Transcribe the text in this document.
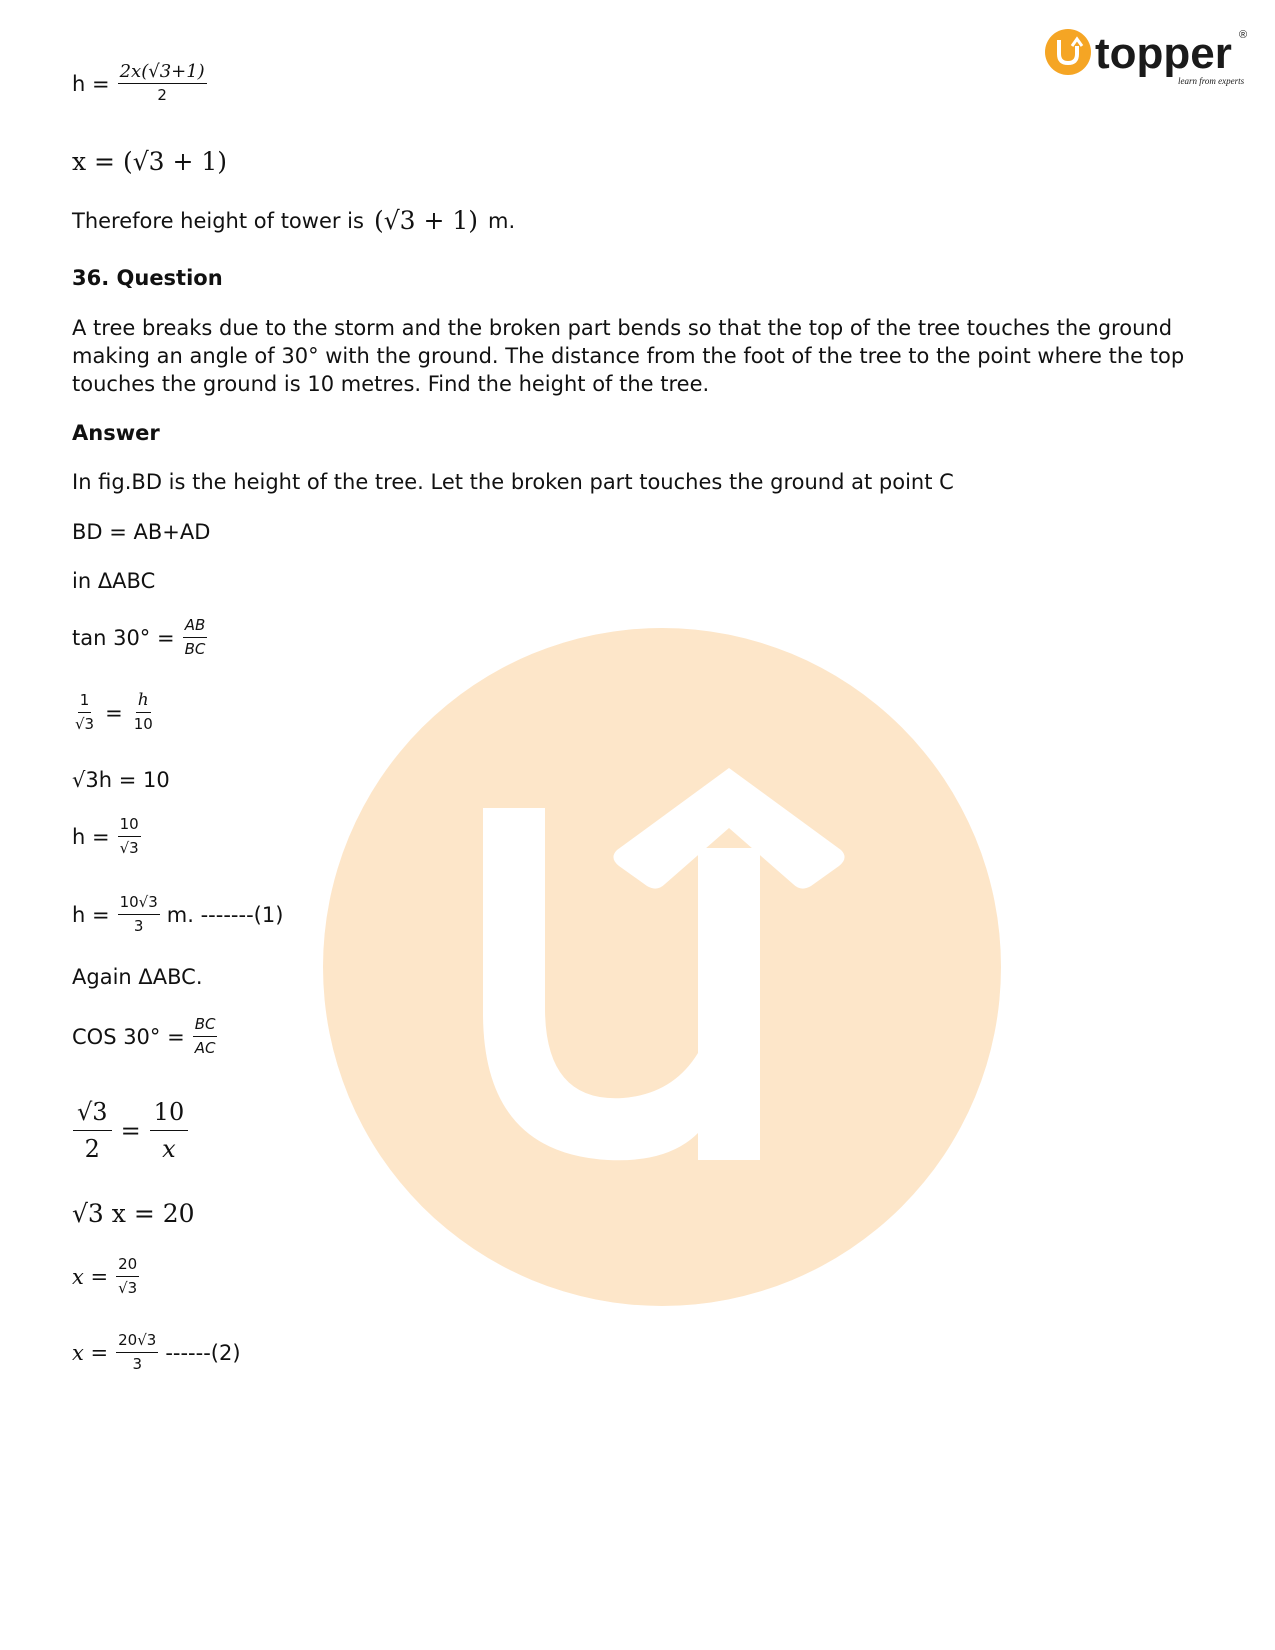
topper ®
learn from experts
$h = \frac{2x(√3+1)}{2}$
x = (√3 + 1)
Therefore height of tower is (√3 + 1) m.
36. Question
A tree breaks due to the storm and the broken part bends so that the top of the tree touches the ground making an angle of 30° with the ground. The distance from the foot of the tree to the point where the top touches the ground is 10 metres. Find the height of the tree.
Answer
In fig.BD is the height of the tree. Let the broken part touches the ground at point C
BD = AB+AD
in ΔABC
$\tan 30^\circ = \frac{AB}{BC}$
$\frac{1}{√3} = \frac{h}{10}$
√3h = 10
$h = \frac{10}{√3}$
$h = \frac{10√3}{3} m$. -------(1)
Again ΔABC.
COS $30^\circ = \frac{BC}{AC}$
$\frac{√3}{2} = \frac{10}{x}$
√3 x = 20
$x = \frac{20}{√3}$
$x = \frac{20√3}{3} ------(2)$
